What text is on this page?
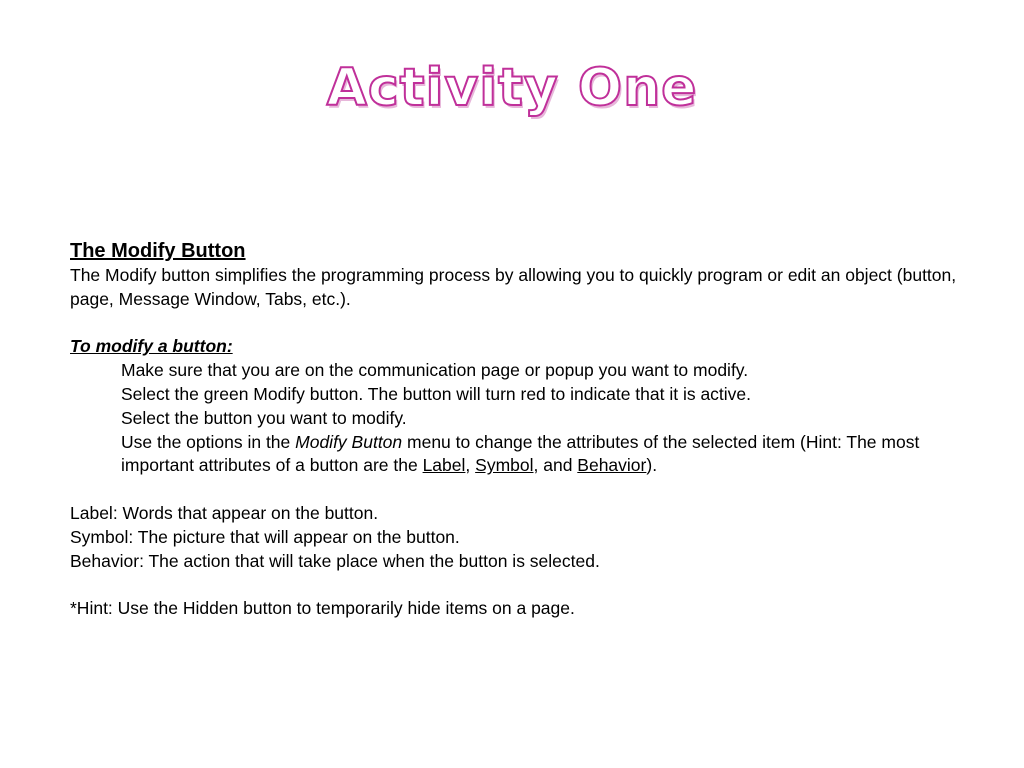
Activity One
The Modify Button

The Modify button simplifies the programming process by allowing you to quickly program or edit an object (button, page, Message Window, Tabs, etc.).

To modify a button:

Make sure that you are on the communication page or popup you want to modify.

Select the green Modify button. The button will turn red to indicate that it is active.

Select the button you want to modify.

Use the options in the Modify Button menu to change the attributes of the selected item (Hint: The most important attributes of a button are the Label, Symbol, and Behavior).

Label: Words that appear on the button.

Symbol: The picture that will appear on the button.

Behavior: The action that will take place when the button is selected.

*Hint: Use the Hidden button to temporarily hide items on a page.
